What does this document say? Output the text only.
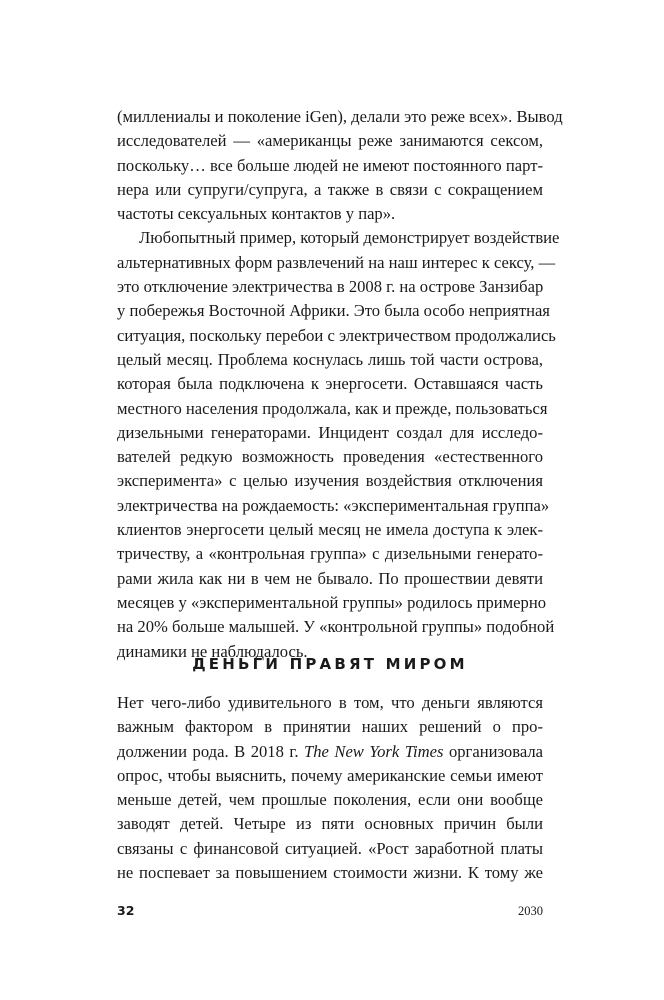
(миллениалы и поколение iGen), делали это реже всех». Вывод
исследователей — «американцы реже занимаются сексом,
поскольку… все больше людей не имеют постоянного парт-
нера или супруги/супруга, а также в связи с сокращением
частоты сексуальных контактов у пар».
Любопытный пример, который демонстрирует воздействие
альтернативных форм развлечений на наш интерес к сексу, —
это отключение электричества в 2008 г. на острове Занзибар
у побережья Восточной Африки. Это была особо неприятная
ситуация, поскольку перебои с электричеством продолжались
целый месяц. Проблема коснулась лишь той части острова,
которая была подключена к энергосети. Оставшаяся часть
местного населения продолжала, как и прежде, пользоваться
дизельными генераторами. Инцидент создал для исследо-
вателей редкую возможность проведения «естественного
эксперимента» с целью изучения воздействия отключения
электричества на рождаемость: «экспериментальная группа»
клиентов энергосети целый месяц не имела доступа к элек-
тричеству, а «контрольная группа» с дизельными генерато-
рами жила как ни в чем не бывало. По прошествии девяти
месяцев у «экспериментальной группы» родилось примерно
на 20% больше малышей. У «контрольной группы» подобной
динамики не наблюдалось.
ДЕНЬГИ ПРАВЯТ МИРОМ
Нет чего-либо удивительного в том, что деньги являются
важным фактором в принятии наших решений о про-
должении рода. В 2018 г. The New York Times организовала
опрос, чтобы выяснить, почему американские семьи имеют
меньше детей, чем прошлые поколения, если они вообще
заводят детей. Четыре из пяти основных причин были
связаны с финансовой ситуацией. «Рост заработной платы
не поспевает за повышением стоимости жизни. К тому же
32	2030
